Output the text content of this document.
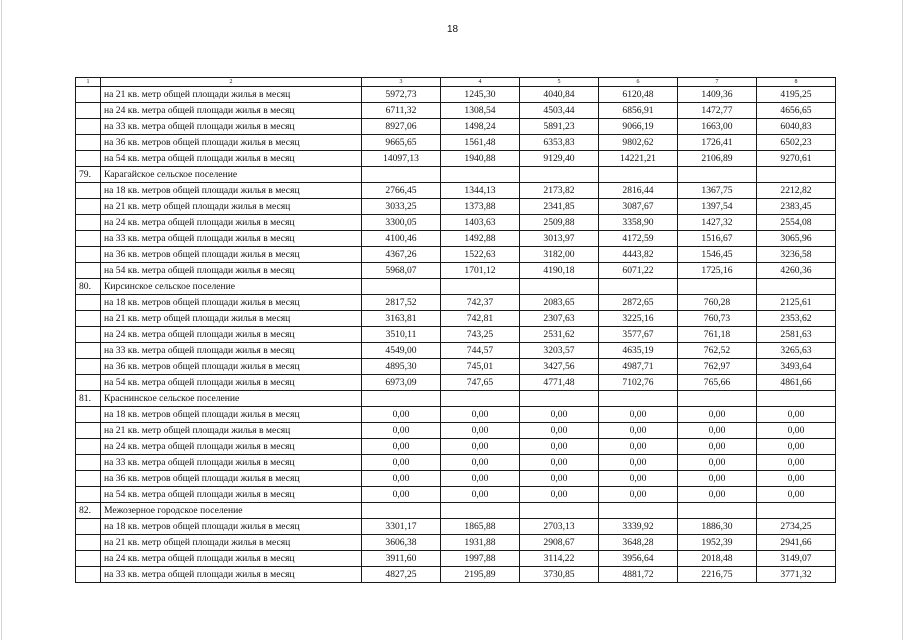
18
1	2	3	4	5	6	7	8
	на 21 кв. метр общей площади жилья в месяц	5972,73	1245,30	4040,84	6120,48	1409,36	4195,25
	на 24 кв. метра общей площади жилья в месяц	6711,32	1308,54	4503,44	6856,91	1472,77	4656,65
	на 33 кв. метра общей площади жилья в месяц	8927,06	1498,24	5891,23	9066,19	1663,00	6040,83
	на 36 кв. метров общей площади жилья в месяц	9665,65	1561,48	6353,83	9802,62	1726,41	6502,23
	на 54 кв. метра общей площади жилья в месяц	14097,13	1940,88	9129,40	14221,21	2106,89	9270,61
79.	Карагайское сельское поселение						
	на 18 кв. метров общей площади жилья в месяц	2766,45	1344,13	2173,82	2816,44	1367,75	2212,82
	на 21 кв. метр общей площади жилья в месяц	3033,25	1373,88	2341,85	3087,67	1397,54	2383,45
	на 24 кв. метра общей площади жилья в месяц	3300,05	1403,63	2509,88	3358,90	1427,32	2554,08
	на 33 кв. метра общей площади жилья в месяц	4100,46	1492,88	3013,97	4172,59	1516,67	3065,96
	на 36 кв. метров общей площади жилья в месяц	4367,26	1522,63	3182,00	4443,82	1546,45	3236,58
	на 54 кв. метра общей площади жилья в месяц	5968,07	1701,12	4190,18	6071,22	1725,16	4260,36
80.	Кирсинское сельское поселение						
	на 18 кв. метров общей площади жилья в месяц	2817,52	742,37	2083,65	2872,65	760,28	2125,61
	на 21 кв. метр общей площади жилья в месяц	3163,81	742,81	2307,63	3225,16	760,73	2353,62
	на 24 кв. метра общей площади жилья в месяц	3510,11	743,25	2531,62	3577,67	761,18	2581,63
	на 33 кв. метра общей площади жилья в месяц	4549,00	744,57	3203,57	4635,19	762,52	3265,63
	на 36 кв. метров общей площади жилья в месяц	4895,30	745,01	3427,56	4987,71	762,97	3493,64
	на 54 кв. метра общей площади жилья в месяц	6973,09	747,65	4771,48	7102,76	765,66	4861,66
81.	Краснинское сельское поселение						
	на 18 кв. метров общей площади жилья в месяц	0,00	0,00	0,00	0,00	0,00	0,00
	на 21 кв. метр общей площади жилья в месяц	0,00	0,00	0,00	0,00	0,00	0,00
	на 24 кв. метра общей площади жилья в месяц	0,00	0,00	0,00	0,00	0,00	0,00
	на 33 кв. метра общей площади жилья в месяц	0,00	0,00	0,00	0,00	0,00	0,00
	на 36 кв. метров общей площади жилья в месяц	0,00	0,00	0,00	0,00	0,00	0,00
	на 54 кв. метра общей площади жилья в месяц	0,00	0,00	0,00	0,00	0,00	0,00
82.	Межозерное городское поселение						
	на 18 кв. метров общей площади жилья в месяц	3301,17	1865,88	2703,13	3339,92	1886,30	2734,25
	на 21 кв. метр общей площади жилья в месяц	3606,38	1931,88	2908,67	3648,28	1952,39	2941,66
	на 24 кв. метра общей площади жилья в месяц	3911,60	1997,88	3114,22	3956,64	2018,48	3149,07
	на 33 кв. метра общей площади жилья в месяц	4827,25	2195,89	3730,85	4881,72	2216,75	3771,32
